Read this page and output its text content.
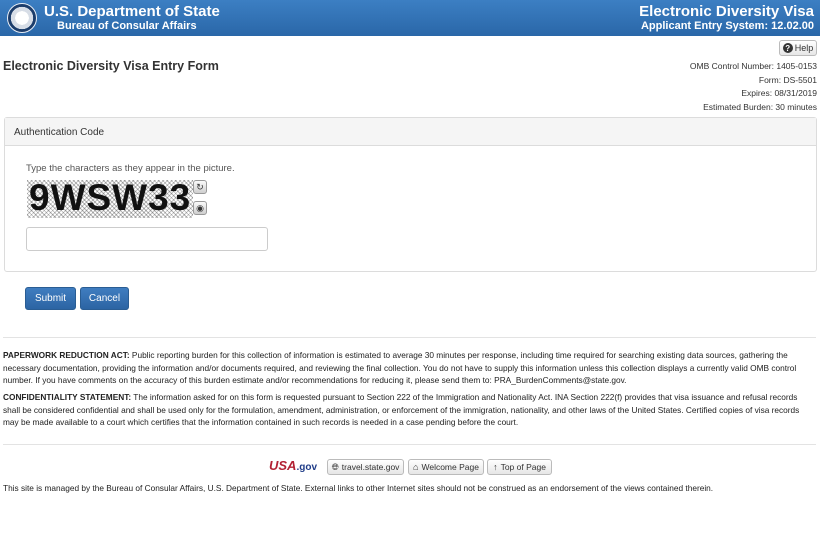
U.S. Department of State
Bureau of Consular Affairs
Electronic Diversity Visa
Applicant Entry System: 12.02.00
? Help
Electronic Diversity Visa Entry Form	OMB Control Number: 1405-0153
Form: DS-5501
Expires: 08/31/2019
Estimated Burden: 30 minutes
Authentication Code
Type the characters as they appear in the picture.
9WSW33 ↻
◉
Submit	Cancel
PAPERWORK REDUCTION ACT: Public reporting burden for this collection of information is estimated to average 30 minutes per response, including time required for searching existing data sources, gathering the necessary documentation, providing the information and/or documents required, and reviewing the final collection. You do not have to supply this information unless this collection displays a currently valid OMB control number. If you have comments on the accuracy of this burden estimate and/or recommendations for reducing it, please send them to: PRA_BurdenComments@state.gov.
CONFIDENTIALITY STATEMENT: The information asked for on this form is requested pursuant to Section 222 of the Immigration and Nationality Act. INA Section 222(f) provides that visa issuance and refusal records shall be considered confidential and shall be used only for the formulation, amendment, administration, or enforcement of the immigration, nationality, and other laws of the United States. Certified copies of visa records may be made available to a court which certifies that the information contained in such records is needed in a case pending before the court.
USA.gov 🌐︎ travel.state.gov ⌂ Welcome Page ↑ Top of Page
This site is managed by the Bureau of Consular Affairs, U.S. Department of State. External links to other Internet sites should not be construed as an endorsement of the views contained therein.
